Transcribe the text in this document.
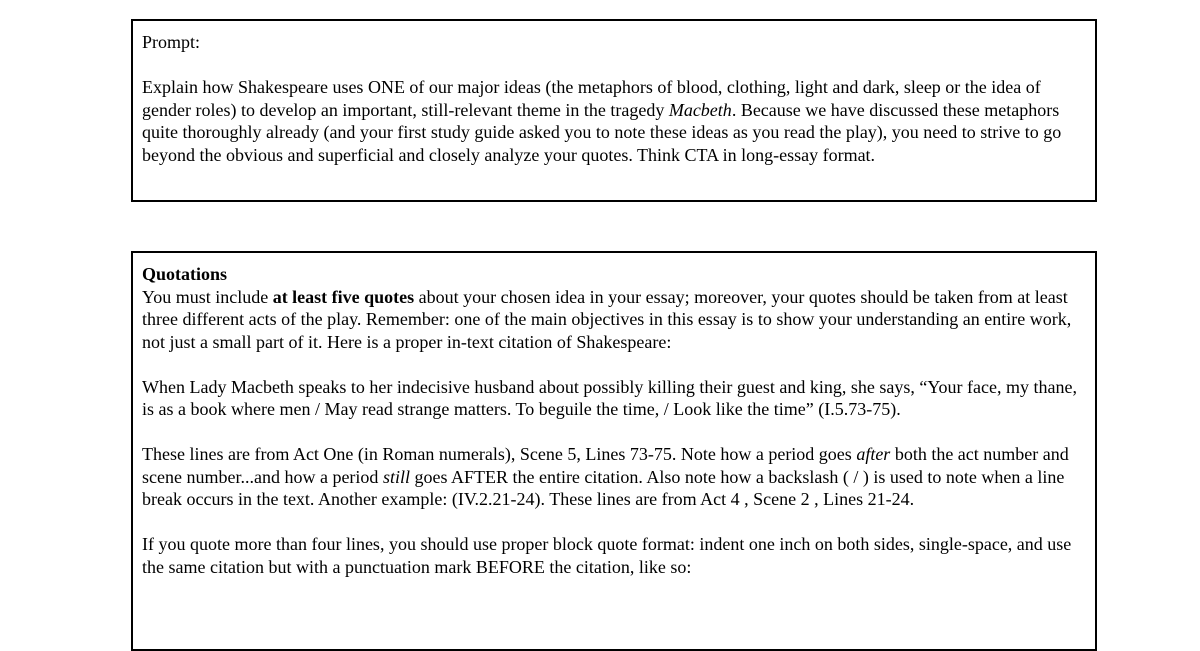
Prompt:

Explain how Shakespeare uses ONE of our major ideas (the metaphors of blood, clothing, light and dark, sleep or the idea of gender roles) to develop an important, still-relevant theme in the tragedy Macbeth. Because we have discussed these metaphors quite thoroughly already (and your first study guide asked you to note these ideas as you read the play), you need to strive to go beyond the obvious and superficial and closely analyze your quotes. Think CTA in long-essay format.

Quotations

You must include at least five quotes about your chosen idea in your essay; moreover, your quotes should be taken from at least three different acts of the play. Remember: one of the main objectives in this essay is to show your understanding an entire work, not just a small part of it. Here is a proper in-text citation of Shakespeare:

When Lady Macbeth speaks to her indecisive husband about possibly killing their guest and king, she says, “Your face, my thane, is as a book where men / May read strange matters. To beguile the time, / Look like the time” (I.5.73-75).

These lines are from Act One (in Roman numerals), Scene 5, Lines 73-75. Note how a period goes after both the act number and scene number...and how a period still goes AFTER the entire citation. Also note how a backslash ( / ) is used to note when a line break occurs in the text. Another example: (IV.2.21-24). These lines are from Act 4 , Scene 2 , Lines 21-24.

If you quote more than four lines, you should use proper block quote format: indent one inch on both sides, single-space, and use the same citation but with a punctuation mark BEFORE the citation, like so:
